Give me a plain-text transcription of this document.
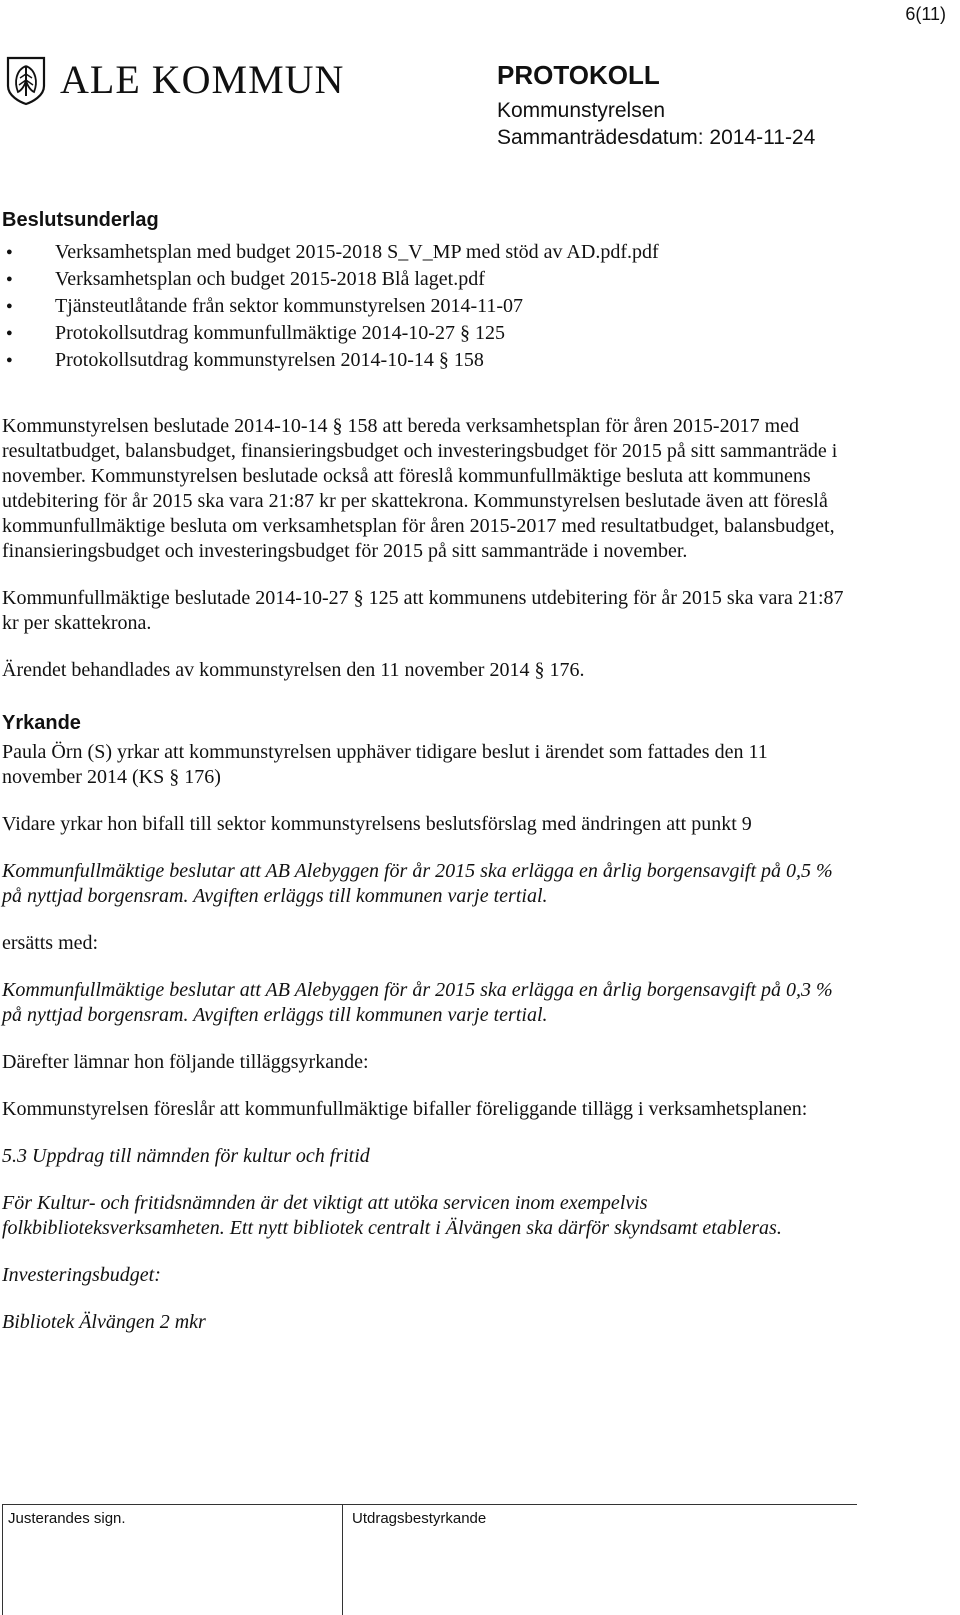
6(11)
ALE KOMMUN	PROTOKOLL
Kommunstyrelsen
Sammanträdesdatum: 2014-11-24
Beslutsunderlag
● Verksamhetsplan med budget 2015-2018 S_V_MP med stöd av AD.pdf.pdf
● Verksamhetsplan och budget 2015-2018 Blå laget.pdf
● Tjänsteutlåtande från sektor kommunstyrelsen 2014-11-07
● Protokollsutdrag kommunfullmäktige 2014-10-27 § 125
● Protokollsutdrag kommunstyrelsen 2014-10-14 § 158

Kommunstyrelsen beslutade 2014-10-14 § 158 att bereda verksamhetsplan för åren 2015-2017 med resultatbudget, balansbudget, finansieringsbudget och investeringsbudget för 2015 på sitt sammanträde i november. Kommunstyrelsen beslutade också att föreslå kommunfullmäktige besluta att kommunens utdebitering för år 2015 ska vara 21:87 kr per skattekrona. Kommunstyrelsen beslutade även att föreslå kommunfullmäktige besluta om verksamhetsplan för åren 2015-2017 med resultatbudget, balansbudget, finansieringsbudget och investeringsbudget för 2015 på sitt sammanträde i november.

Kommunfullmäktige beslutade 2014-10-27 § 125 att kommunens utdebitering för år 2015 ska vara 21:87 kr per skattekrona.

Ärendet behandlades av kommunstyrelsen den 11 november 2014 § 176.

Yrkande

Paula Örn (S) yrkar att kommunstyrelsen upphäver tidigare beslut i ärendet som fattades den 11 november 2014 (KS § 176)

Vidare yrkar hon bifall till sektor kommunstyrelsens beslutsförslag med ändringen att punkt 9

Kommunfullmäktige beslutar att AB Alebyggen för år 2015 ska erlägga en årlig borgensavgift på 0,5 % på nyttjad borgensram. Avgiften erläggs till kommunen varje tertial.

ersätts med:

Kommunfullmäktige beslutar att AB Alebyggen för år 2015 ska erlägga en årlig borgensavgift på 0,3 % på nyttjad borgensram. Avgiften erläggs till kommunen varje tertial.

Därefter lämnar hon följande tilläggsyrkande:

Kommunstyrelsen föreslår att kommunfullmäktige bifaller föreliggande tillägg i verksamhetsplanen:

5.3 Uppdrag till nämnden för kultur och fritid

För Kultur- och fritidsnämnden är det viktigt att utöka servicen inom exempelvis folkbiblioteksverksamheten. Ett nytt bibliotek centralt i Älvängen ska därför skyndsamt etableras.

Investeringsbudget:

Bibliotek Älvängen 2 mkr

Justerandes sign.	Utdragsbestyrkande
